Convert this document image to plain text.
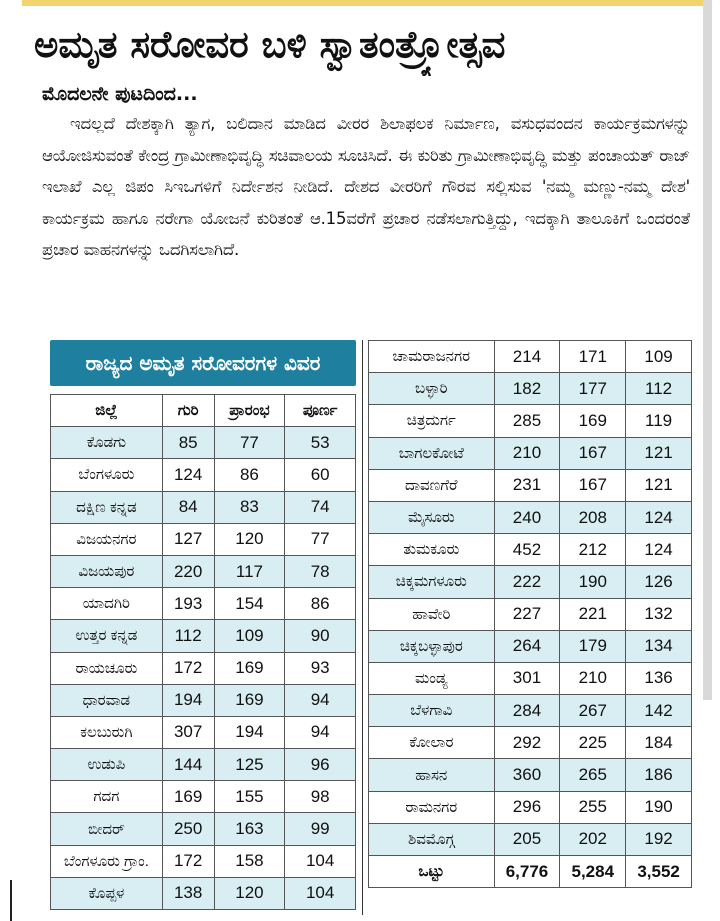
ಅಮೃತ ಸರೋವರ ಬಳಿ ಸ್ವಾತಂತ್ರ್ಯೋತ್ಸವ
ಮೊದಲನೇ ಪುಟದಿಂದ...
ಇದಲ್ಲದೆ ದೇಶಕ್ಕಾಗಿ ತ್ಯಾಗ, ಬಲಿದಾನ ಮಾಡಿದ ವೀರರ ಶಿಲಾಫಲಕ ನಿರ್ಮಾಣ, ವಸುಧವಂದನ ಕಾರ್ಯಕ್ರಮಗಳನ್ನು ಆಯೋಜಿಸುವಂತೆ ಕೇಂದ್ರ ಗ್ರಾಮೀಣಾಭಿವೃದ್ಧಿ ಸಚಿವಾಲಯ ಸೂಚಿಸಿದೆ. ಈ ಕುರಿತು ಗ್ರಾಮೀಣಾಭಿವೃದ್ಧಿ ಮತ್ತು ಪಂಚಾಯತ್ ರಾಜ್ ಇಲಾಖೆ ಎಲ್ಲ ಜಿಪಂ ಸಿಇಒಗಳಿಗೆ ನಿರ್ದೇಶನ ನೀಡಿದೆ. ದೇಶದ ವೀರರಿಗೆ ಗೌರವ ಸಲ್ಲಿಸುವ 'ನಮ್ಮ ಮಣ್ಣು-ನಮ್ಮ ದೇಶ' ಕಾರ್ಯಕ್ರಮ ಹಾಗೂ ನರೇಗಾ ಯೋಜನೆ ಕುರಿತಂತೆ ಆ.15ವರೆಗೆ ಪ್ರಚಾರ ನಡೆಸಲಾಗುತ್ತಿದ್ದು, ಇದಕ್ಕಾಗಿ ತಾಲೂಕಿಗೆ ಒಂದರಂತೆ ಪ್ರಚಾರ ವಾಹನಗಳನ್ನು ಒದಗಿಸಲಾಗಿದೆ.
ರಾಜ್ಯದ ಅಮೃತ ಸರೋವರಗಳ ವಿವರ
ಜಿಲ್ಲೆ	ಗುರಿ	ಪ್ರಾರಂಭ	ಪೂರ್ಣ
ಕೊಡಗು	85	77	53
ಬೆಂಗಳೂರು	124	86	60
ದಕ್ಷಿಣ ಕನ್ನಡ	84	83	74
ವಿಜಯನಗರ	127	120	77
ವಿಜಯಪುರ	220	117	78
ಯಾದಗಿರಿ	193	154	86
ಉತ್ತರ ಕನ್ನಡ	112	109	90
ರಾಯಚೂರು	172	169	93
ಧಾರವಾಡ	194	169	94
ಕಲಬುರುಗಿ	307	194	94
ಉಡುಪಿ	144	125	96
ಗದಗ	169	155	98
ಬೀದರ್	250	163	99
ಬೆಂಗಳೂರು ಗ್ರಾಂ.	172	158	104
ಕೊಪ್ಪಳ	138	120	104
ಚಾಮರಾಜನಗರ	214	171	109
ಬಳ್ಳಾರಿ	182	177	112
ಚಿತ್ರದುರ್ಗ	285	169	119
ಬಾಗಲಕೋಟೆ	210	167	121
ದಾವಣಗೆರೆ	231	167	121
ಮೈಸೂರು	240	208	124
ತುಮಕೂರು	452	212	124
ಚಿಕ್ಕಮಗಳೂರು	222	190	126
ಹಾವೇರಿ	227	221	132
ಚಿಕ್ಕಬಳ್ಳಾಪುರ	264	179	134
ಮಂಡ್ಯ	301	210	136
ಬೆಳಗಾವಿ	284	267	142
ಕೋಲಾರ	292	225	184
ಹಾಸನ	360	265	186
ರಾಮನಗರ	296	255	190
ಶಿವಮೊಗ್ಗ	205	202	192
ಒಟ್ಟು	6,776	5,284	3,552
